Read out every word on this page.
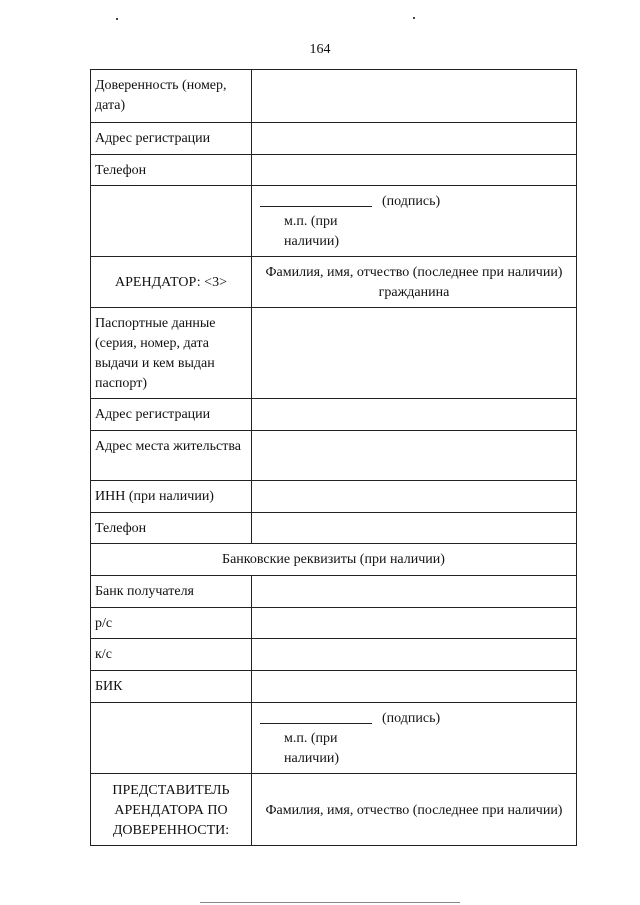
164
Доверенность (номер, дата)	
Адрес регистрации	
Телефон	
	(подпись)
м.п. (при наличии)

АРЕНДАТОР: <3>	Фамилия, имя, отчество (последнее при наличии) гражданина
Паспортные данные (серия, номер, дата выдачи и кем выдан паспорт)	
Адрес регистрации	
Адрес места жительства	
ИНН (при наличии)	
Телефон	
Банковские реквизиты (при наличии)	
Банк получателя	
р/с	
к/с	
БИК	
	(подпись)
м.п. (при наличии)

ПРЕДСТАВИТЕЛЬ АРЕНДАТОРА ПО ДОВЕРЕННОСТИ:	Фамилия, имя, отчество (последнее при наличии)
